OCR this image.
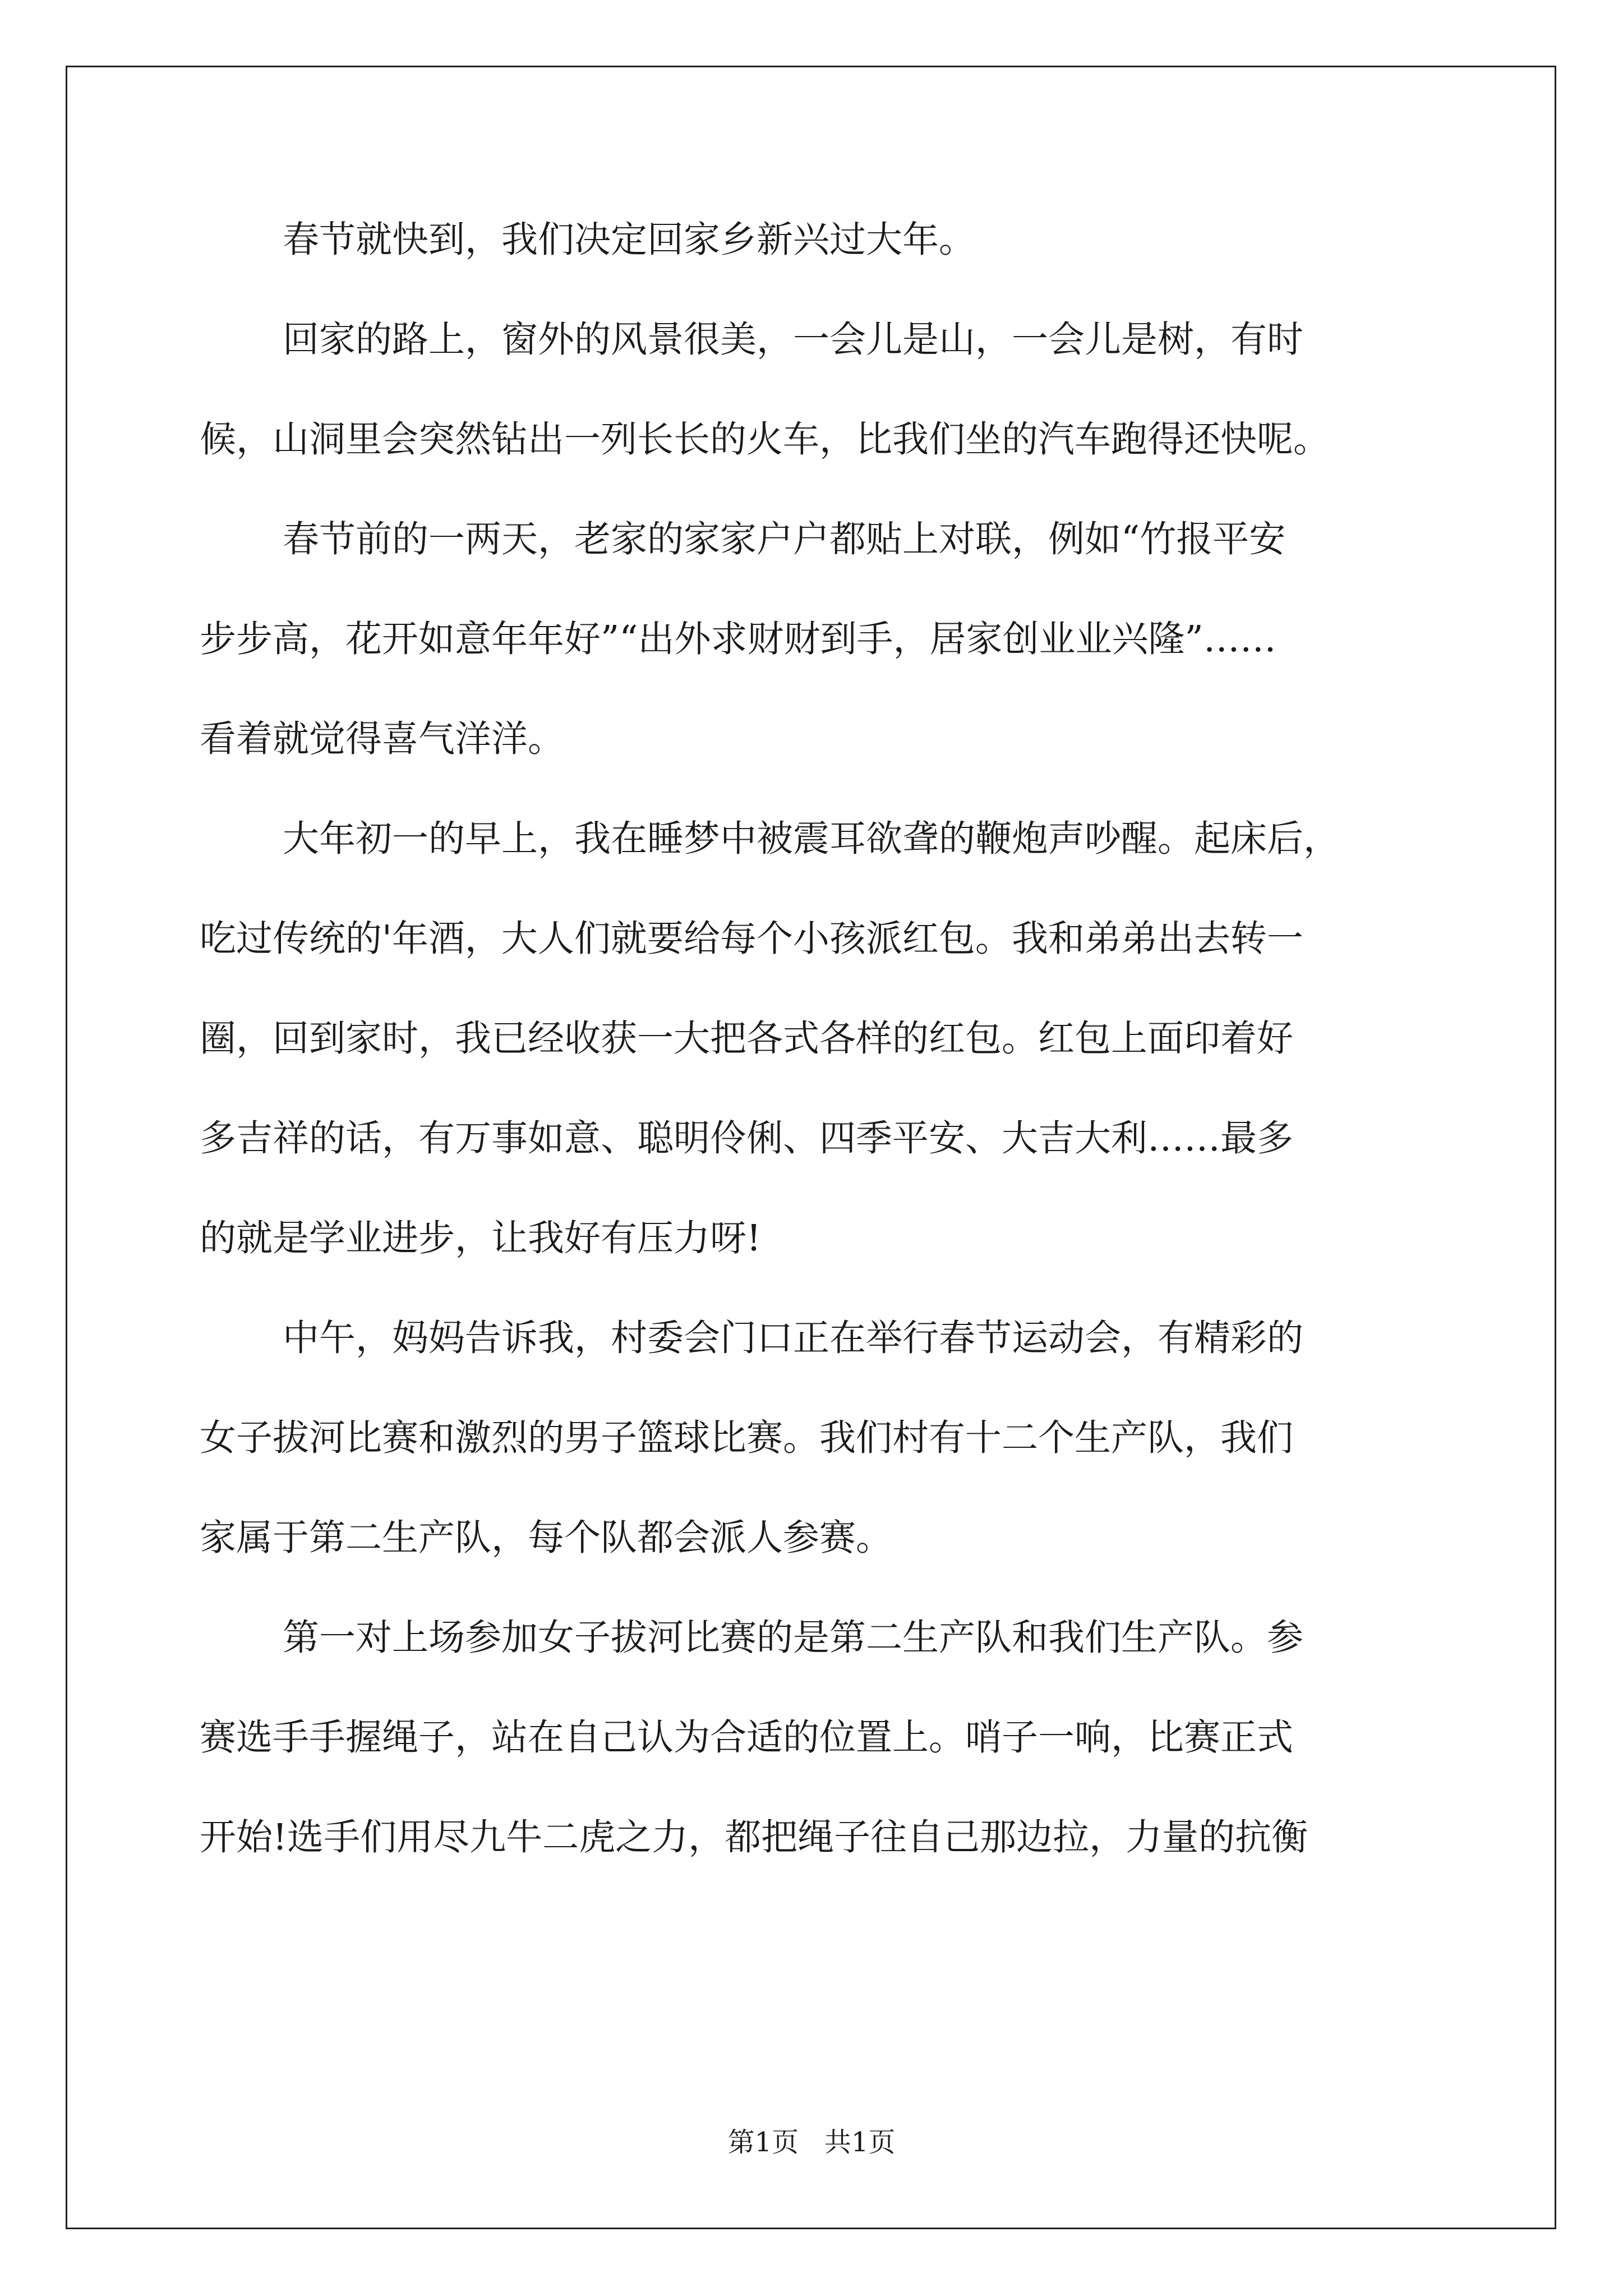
春节就快到，我们决定回家乡新兴过大年。
回家的路上，窗外的风景很美，一会儿是山，一会儿是树，有时
候，山洞里会突然钻出一列长长的火车，比我们坐的汽车跑得还快呢。
春节前的一两天，老家的家家户户都贴上对联，例如“竹报平安
步步高，花开如意年年好”“出外求财财到手，居家创业业兴隆”……
看着就觉得喜气洋洋。
大年初一的早上，我在睡梦中被震耳欲聋的鞭炮声吵醒。起床后，
吃过传统的'年酒，大人们就要给每个小孩派红包。我和弟弟出去转一
圈，回到家时，我已经收获一大把各式各样的红包。红包上面印着好
多吉祥的话，有万事如意、聪明伶俐、四季平安、大吉大利……最多
的就是学业进步，让我好有压力呀!
中午，妈妈告诉我，村委会门口正在举行春节运动会，有精彩的
女子拔河比赛和激烈的男子篮球比赛。我们村有十二个生产队，我们
家属于第二生产队，每个队都会派人参赛。
第一对上场参加女子拔河比赛的是第二生产队和我们生产队。参
赛选手手握绳子，站在自己认为合适的位置上。哨子一响，比赛正式
开始!选手们用尽九牛二虎之力，都把绳子往自己那边拉，力量的抗衡
第1页   共1页
